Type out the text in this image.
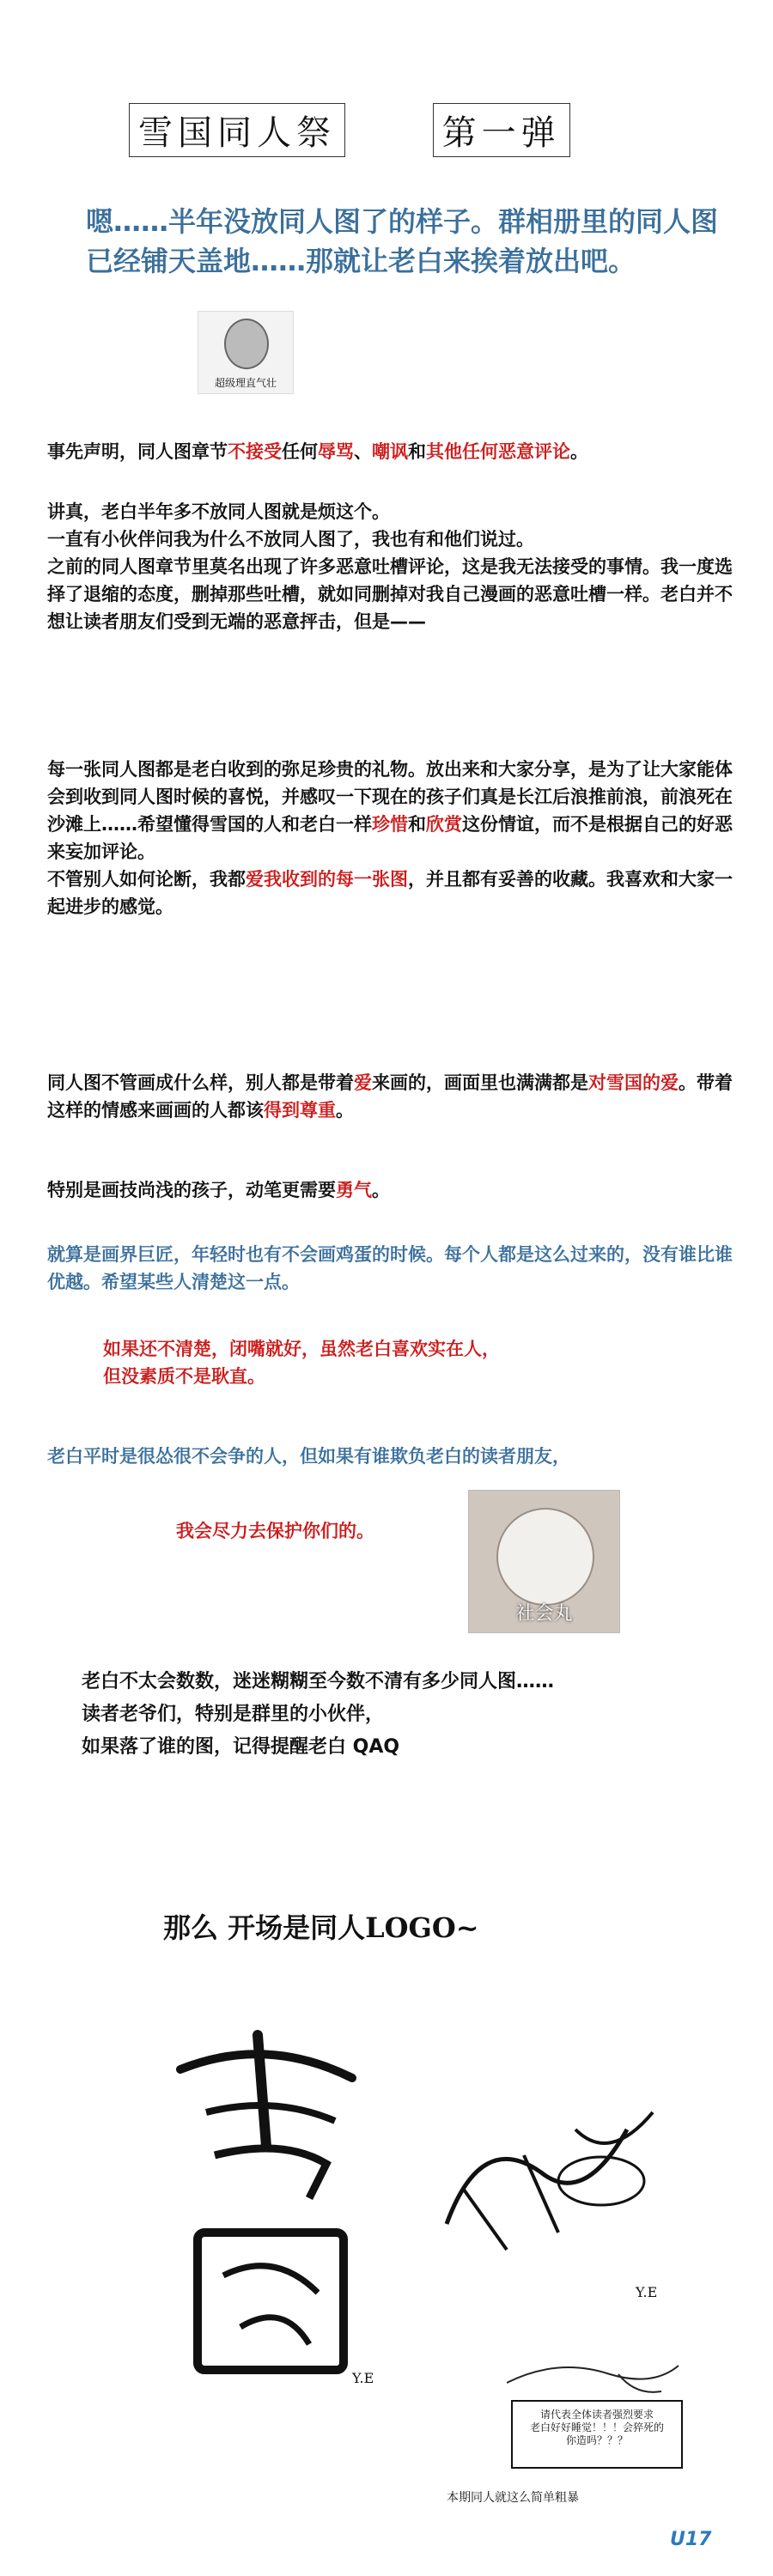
雪国同人祭	第一弹
嗯……半年没放同人图了的样子。群相册里的同人图已经铺天盖地……那就让老白来挨着放出吧。
超级理直气壮
事先声明，同人图章节不接受任何辱骂、嘲讽和其他任何恶意评论。
讲真，老白半年多不放同人图就是烦这个。
一直有小伙伴问我为什么不放同人图了，我也有和他们说过。
之前的同人图章节里莫名出现了许多恶意吐槽评论，这是我无法接受的事情。我一度选择了退缩的态度，删掉那些吐槽，就如同删掉对我自己漫画的恶意吐槽一样。老白并不想让读者朋友们受到无端的恶意抨击，但是——
每一张同人图都是老白收到的弥足珍贵的礼物。放出来和大家分享，是为了让大家能体会到收到同人图时候的喜悦，并感叹一下现在的孩子们真是长江后浪推前浪，前浪死在沙滩上……希望懂得雪国的人和老白一样珍惜和欣赏这份情谊，而不是根据自己的好恶来妄加评论。
不管别人如何论断，我都爱我收到的每一张图，并且都有妥善的收藏。我喜欢和大家一起进步的感觉。
同人图不管画成什么样，别人都是带着爱来画的，画面里也满满都是对雪国的爱。带着这样的情感来画画的人都该得到尊重。
特别是画技尚浅的孩子，动笔更需要勇气。
就算是画界巨匠，年轻时也有不会画鸡蛋的时候。每个人都是这么过来的，没有谁比谁优越。希望某些人清楚这一点。
如果还不清楚，闭嘴就好，虽然老白喜欢实在人，
但没素质不是耿直。
老白平时是很怂很不会争的人，但如果有谁欺负老白的读者朋友，
我会尽力去保护你们的。
社会丸
老白不太会数数，迷迷糊糊至今数不清有多少同人图……
读者老爷们，特别是群里的小伙伴，
如果落了谁的图，记得提醒老白 QAQ
那么 开场是同人LOGO~
Y.E
Y.E
请代表全体读者强烈要求
老白好好睡觉！！！会猝死的
你造吗？？？
本期同人就这么简单粗暴
U17
